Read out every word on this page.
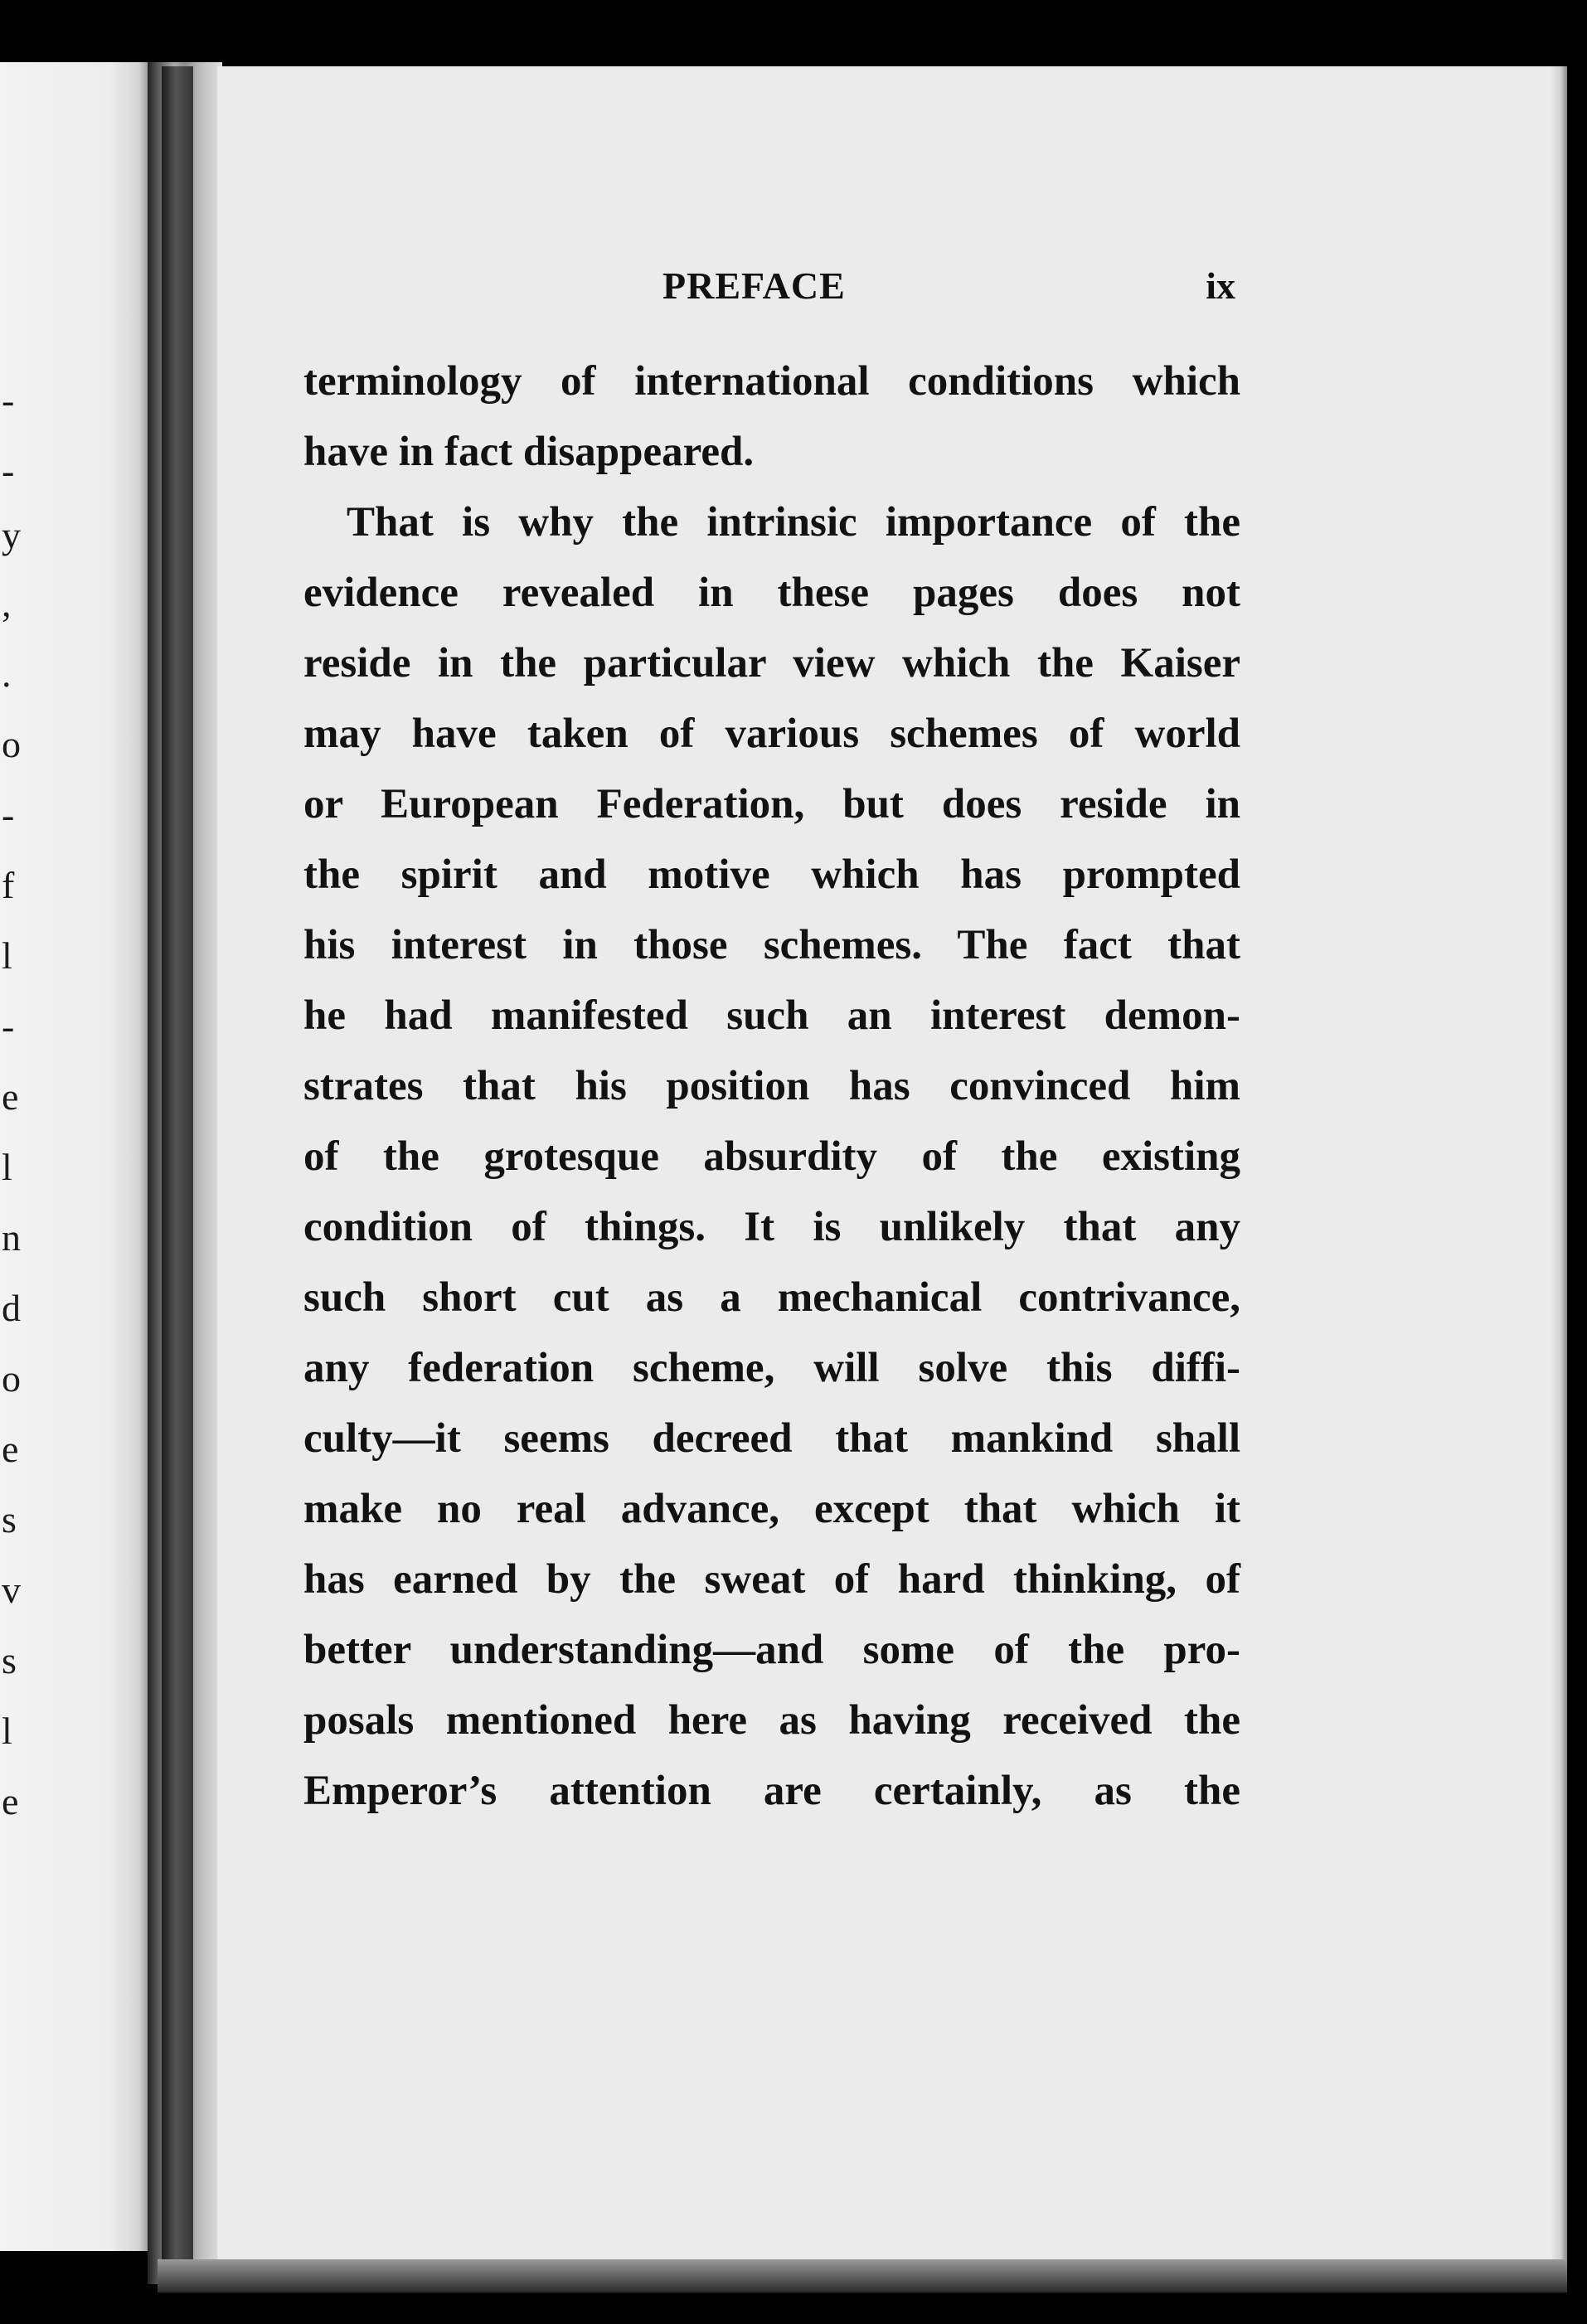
-
-
y
,
.
o
-
f
l
-
e
l
n
d
o
e
s
v
s
l
e
PREFACE	ix
terminology of international conditions which
have in fact disappeared.
That is why the intrinsic importance of the
evidence revealed in these pages does not
reside in the particular view which the Kaiser
may have taken of various schemes of world
or European Federation, but does reside in
the spirit and motive which has prompted
his interest in those schemes. The fact that
he had manifested such an interest demon-
strates that his position has convinced him
of the grotesque absurdity of the existing
condition of things. It is unlikely that any
such short cut as a mechanical contrivance,
any federation scheme, will solve this diffi-
culty—it seems decreed that mankind shall
make no real advance, except that which it
has earned by the sweat of hard thinking, of
better understanding—and some of the pro-
posals mentioned here as having received the
Emperor’s attention are certainly, as the
